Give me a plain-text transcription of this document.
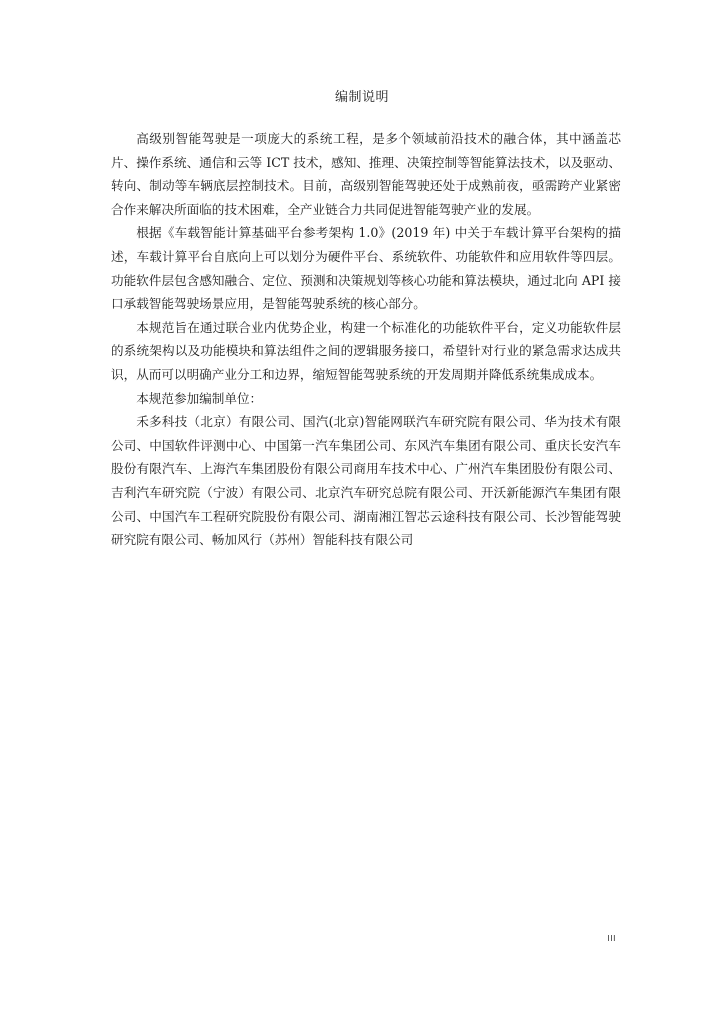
编制说明

高级别智能驾驶是一项庞大的系统工程，是多个领域前沿技术的融合体，其中涵盖芯片、操作系统、通信和云等 ICT 技术，感知、推理、决策控制等智能算法技术，以及驱动、转向、制动等车辆底层控制技术。目前，高级别智能驾驶还处于成熟前夜，亟需跨产业紧密合作来解决所面临的技术困难，全产业链合力共同促进智能驾驶产业的发展。

根据《车载智能计算基础平台参考架构 1.0》(2019 年) 中关于车载计算平台架构的描述，车载计算平台自底向上可以划分为硬件平台、系统软件、功能软件和应用软件等四层。功能软件层包含感知融合、定位、预测和决策规划等核心功能和算法模块，通过北向 API 接口承载智能驾驶场景应用，是智能驾驶系统的核心部分。

本规范旨在通过联合业内优势企业，构建一个标准化的功能软件平台，定义功能软件层的系统架构以及功能模块和算法组件之间的逻辑服务接口，希望针对行业的紧急需求达成共识，从而可以明确产业分工和边界，缩短智能驾驶系统的开发周期并降低系统集成成本。

本规范参加编制单位：

禾多科技（北京）有限公司、国汽(北京)智能网联汽车研究院有限公司、华为技术有限公司、中国软件评测中心、中国第一汽车集团公司、东风汽车集团有限公司、重庆长安汽车股份有限汽车、上海汽车集团股份有限公司商用车技术中心、广州汽车集团股份有限公司、吉利汽车研究院（宁波）有限公司、北京汽车研究总院有限公司、开沃新能源汽车集团有限公司、中国汽车工程研究院股份有限公司、湖南湘江智芯云途科技有限公司、长沙智能驾驶研究院有限公司、畅加风行（苏州）智能科技有限公司

III
